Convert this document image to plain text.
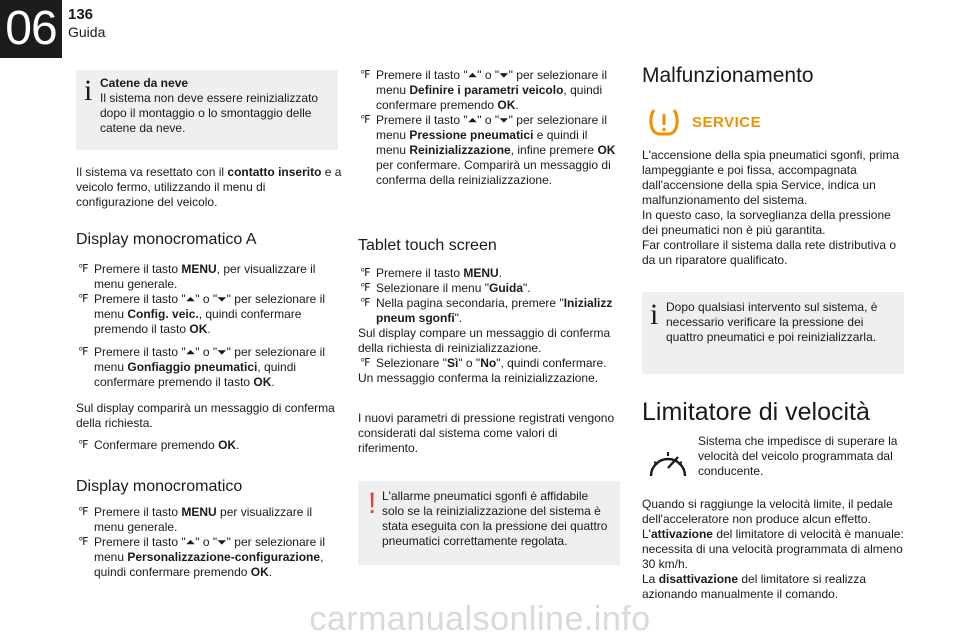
06 136
Guida
i Catene da neve
Il sistema non deve essere reinizializzato dopo il montaggio o lo smontaggio delle catene da neve.
Il sistema va resettato con il contatto inserito e a veicolo fermo, utilizzando il menu di configurazione del veicolo.
Display monocromatico A
℉ Premere il tasto MENU, per visualizzare il menu generale.
℉ Premere il tasto "⏶" o "⏷" per selezionare il menu Config. veic., quindi confermare premendo il tasto OK.
℉ Premere il tasto "⏶" o "⏷" per selezionare il menu Gonfiaggio pneumatici, quindi confermare premendo il tasto OK.
Sul display comparirà un messaggio di conferma della richiesta.
℉ Confermare premendo OK.
Display monocromatico
℉ Premere il tasto MENU per visualizzare il menu generale.
℉ Premere il tasto "⏶" o "⏷" per selezionare il menu Personalizzazione-configurazione, quindi confermare premendo OK.
℉ Premere il tasto "⏶" o "⏷" per selezionare il menu Definire i parametri veicolo, quindi confermare premendo OK.
℉ Premere il tasto "⏶" o "⏷" per selezionare il menu Pressione pneumatici e quindi il menu Reinizializzazione, infine premere OK per confermare. Comparirà un messaggio di conferma della reinizializzazione.
Tablet touch screen
℉ Premere il tasto MENU.
℉ Selezionare il menu "Guida".
℉ Nella pagina secondaria, premere "Inizializz pneum sgonfi".

Sul display compare un messaggio di conferma della richiesta di reinizializzazione.

℉ Selezionare "Sì" o "No", quindi confermare.

Un messaggio conferma la reinizializzazione.

I nuovi parametri di pressione registrati vengono considerati dal sistema come valori di riferimento.
! L'allarme pneumatici sgonfi è affidabile solo se la reinizializzazione del sistema è stata eseguita con la pressione dei quattro pneumatici correttamente regolata.
Malfunzionamento
SERVICE

L'accensione della spia pneumatici sgonfi, prima lampeggiante e poi fissa, accompagnata dall'accensione della spia Service, indica un malfunzionamento del sistema.

In questo caso, la sorveglianza della pressione dei pneumatici non è più garantita.

Far controllare il sistema dalla rete distributiva o da un riparatore qualificato.

i Dopo qualsiasi intervento sul sistema, è necessario verificare la pressione dei quattro pneumatici e poi reinizializzarla.
Limitatore di velocità
Sistema che impedisce di superare la velocità del veicolo programmata dal conducente.

Quando si raggiunge la velocità limite, il pedale dell'acceleratore non produce alcun effetto.

L'attivazione del limitatore di velocità è manuale: necessita di una velocità programmata di almeno 30 km/h.

La disattivazione del limitatore si realizza azionando manualmente il comando.

carmanualsonline.info
